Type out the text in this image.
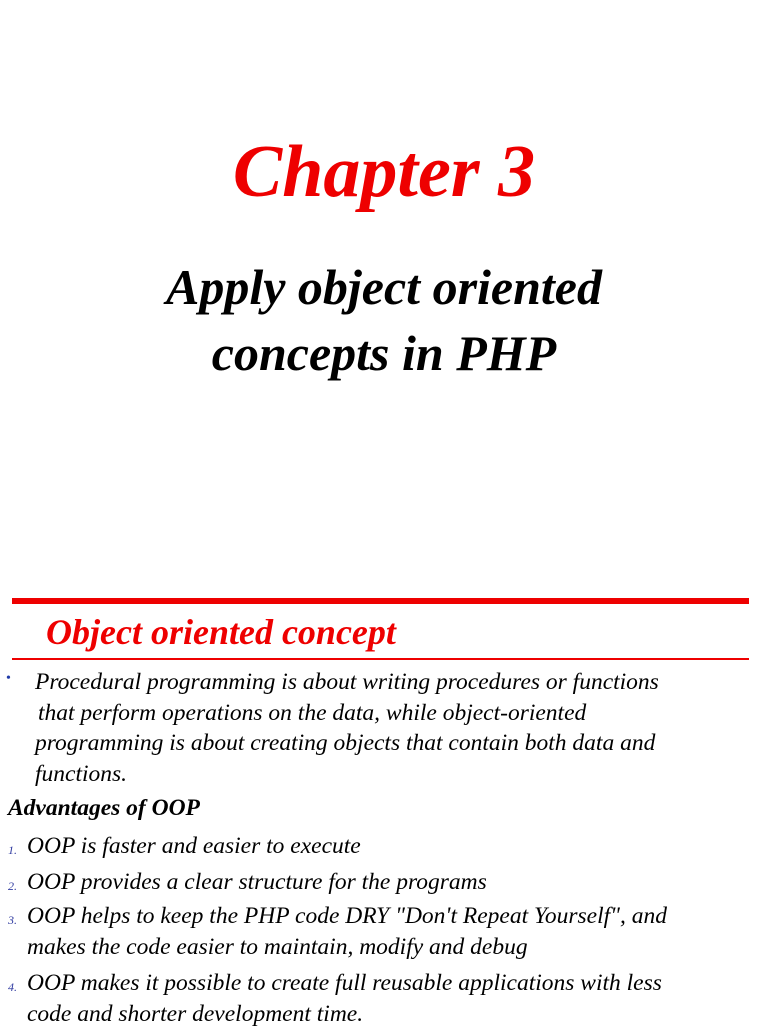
Chapter 3
Apply object oriented
concepts in PHP
Object oriented concept
• Procedural programming is about writing procedures or functions
that perform operations on the data, while object-oriented
programming is about creating objects that contain both data and
functions.

Advantages of OOP

1. OOP is faster and easier to execute

2. OOP provides a clear structure for the programs

3. OOP helps to keep the PHP code DRY "Don't Repeat Yourself", and
makes the code easier to maintain, modify and debug

4. OOP makes it possible to create full reusable applications with less
code and shorter development time.
